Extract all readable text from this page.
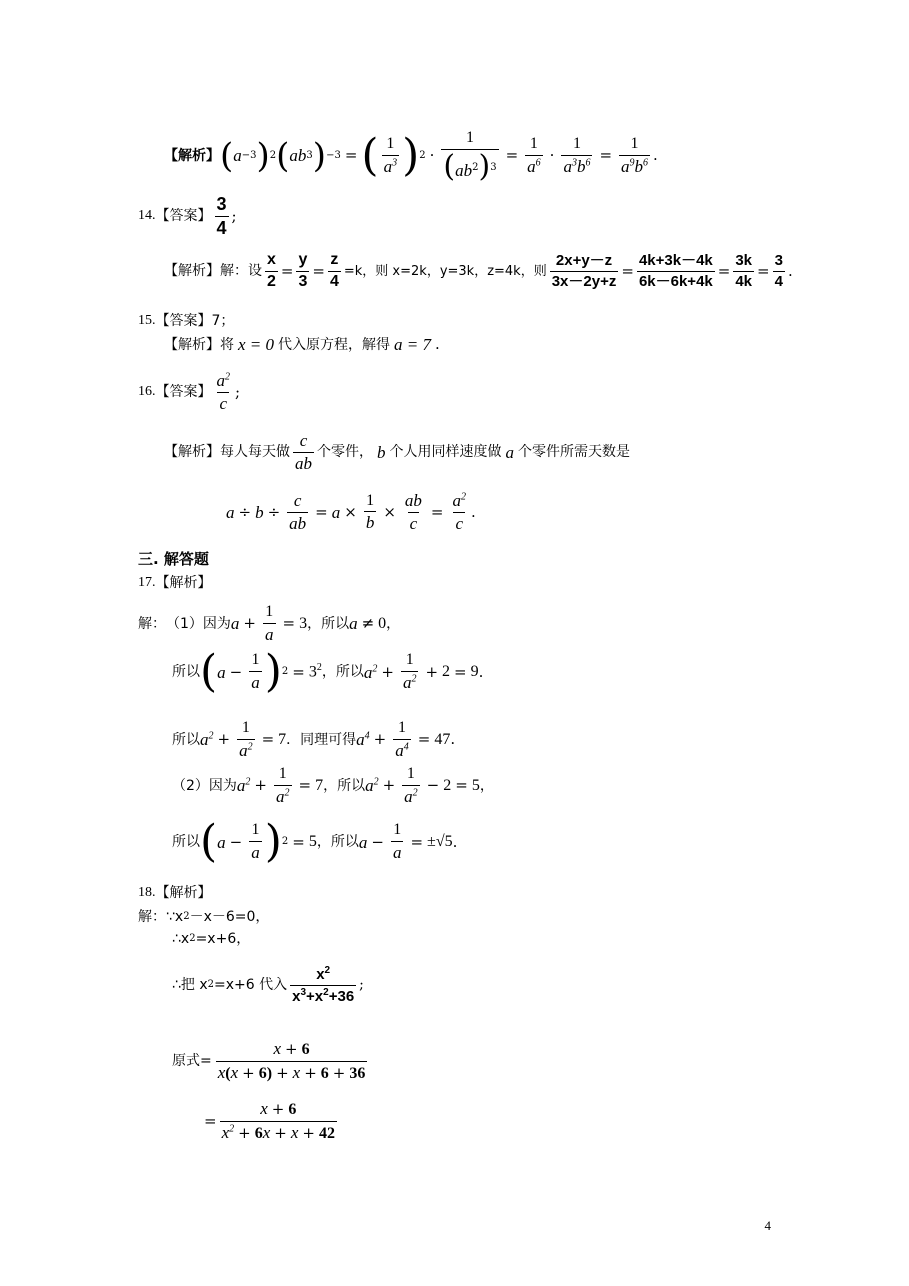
【解析】 ( a −3 ) 2 ( ab 3 ) −3 = ( $\frac{1}{a^3}$ ) $2 \cdot \frac{1}{(ab^2)^3} = \frac{1}{a^6} \cdot \frac{1}{a^3b^6} = \frac{1}{a^9b^6}$ .
14. 【答案】 $\frac{3}{4}$ ;
【解析】 解：设 $\frac{x}{2} = \frac{y}{3} = \frac{z}{4} =k$，则 x=2k，y=3k，z=4k，则 $\frac{2x+y-z}{3x-2y+z} = \frac{4k+3k-4k}{6k-6k+4k} = \frac{3k}{4k} = \frac{3}{4}$ .
15. 【答案】 7；
【解析】 将 x = 0 代入原方程，解得 a = 7 .
16. 【答案】 $\frac{a^2}{c}$ ;
【解析】 每人每天做 $\frac{c}{ab}$ 个零件， b 个人用同样速度做 a 个零件所需天数是
$a \div b \div \frac{c}{ab} = a \times \frac{1}{b} \times \frac{ab}{c} = \frac{a^2}{c}$ .
三. 解答题
17. 【解析】
解： （1）因为 $a + \frac{1}{a} = 3$ ，所以 a ≠ 0 ，
所以 ( $a - \frac{1}{a}$ ) $2 = 3^2$ ，所以 $a^2 + \frac{1}{a^2} + 2 = 9$ .
所以 $a^2 + \frac{1}{a^2} = 7$ ．同理可得 $a^4 + \frac{1}{a^4} = 47$ .
（2）因为 $a^2 + \frac{1}{a^2} = 7$ ，所以 $a^2 + \frac{1}{a^2} - 2 = 5$ ，
所以 ( $a - \frac{1}{a}$ ) 2 = 5 ，所以 $a - \frac{1}{a} = \pm√5$ .
18. 【解析】
解： ∵x 2 －x－6=0，
∴x 2 =x+6，
∴把 x 2 =x+6 代入 $\frac{x^2}{x^3+x^2+36}$ ;
原式= $\frac{x + 6}{x(x + 6) + x + 6 + 36}$
= $\frac{x + 6}{x^2 + 6x + x + 42}$
4
